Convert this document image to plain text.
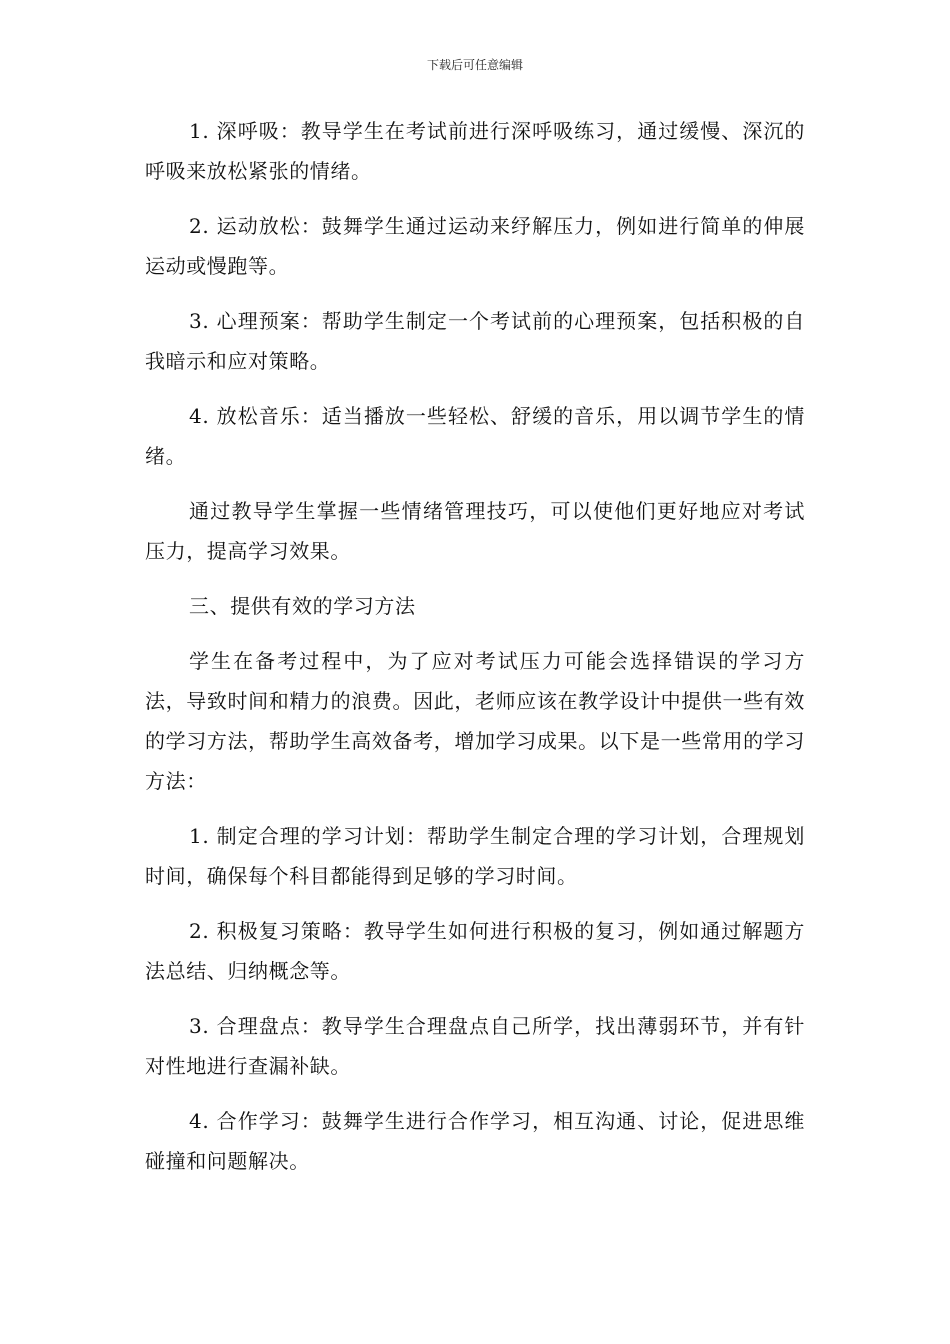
下载后可任意编辑

1. 深呼吸：教导学生在考试前进行深呼吸练习，通过缓慢、深沉的呼吸来放松紧张的情绪。

2. 运动放松：鼓舞学生通过运动来纾解压力，例如进行简单的伸展运动或慢跑等。

3. 心理预案：帮助学生制定一个考试前的心理预案，包括积极的自我暗示和应对策略。

4. 放松音乐：适当播放一些轻松、舒缓的音乐，用以调节学生的情绪。

通过教导学生掌握一些情绪管理技巧，可以使他们更好地应对考试压力，提高学习效果。

三、提供有效的学习方法

学生在备考过程中，为了应对考试压力可能会选择错误的学习方法，导致时间和精力的浪费。因此，老师应该在教学设计中提供一些有效的学习方法，帮助学生高效备考，增加学习成果。以下是一些常用的学习方法：

1. 制定合理的学习计划：帮助学生制定合理的学习计划，合理规划时间，确保每个科目都能得到足够的学习时间。

2. 积极复习策略：教导学生如何进行积极的复习，例如通过解题方法总结、归纳概念等。

3. 合理盘点：教导学生合理盘点自己所学，找出薄弱环节，并有针对性地进行查漏补缺。

4. 合作学习：鼓舞学生进行合作学习，相互沟通、讨论，促进思维碰撞和问题解决。
